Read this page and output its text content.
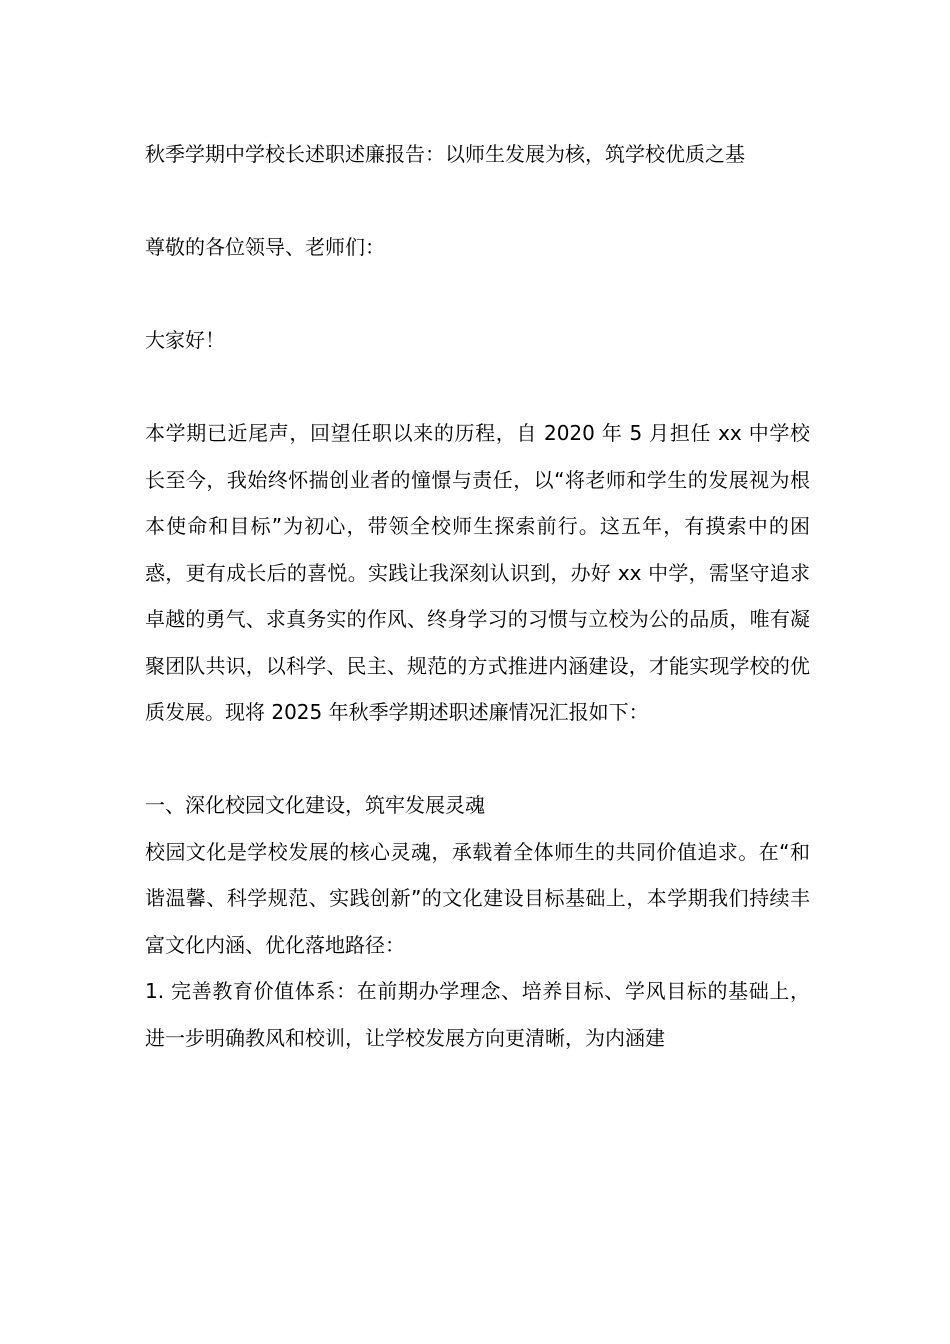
秋季学期中学校长述职述廉报告：以师生发展为核，筑学校优质之基

尊敬的各位领导、老师们：

大家好！

本学期已近尾声，回望任职以来的历程，自 2020 年 5 月担任 xx 中学校长至今，我始终怀揣创业者的憧憬与责任，以“将老师和学生的发展视为根本使命和目标”为初心，带领全校师生探索前行。这五年，有摸索中的困惑，更有成长后的喜悦。实践让我深刻认识到，办好 xx 中学，需坚守追求卓越的勇气、求真务实的作风、终身学习的习惯与立校为公的品质，唯有凝聚团队共识，以科学、民主、规范的方式推进内涵建设，才能实现学校的优质发展。现将 2025 年秋季学期述职述廉情况汇报如下：

一、深化校园文化建设，筑牢发展灵魂

校园文化是学校发展的核心灵魂，承载着全体师生的共同价值追求。在“和谐温馨、科学规范、实践创新”的文化建设目标基础上，本学期我们持续丰富文化内涵、优化落地路径：

1. 完善教育价值体系：在前期办学理念、培养目标、学风目标的基础上，进一步明确教风和校训，让学校发展方向更清晰，为内涵建
